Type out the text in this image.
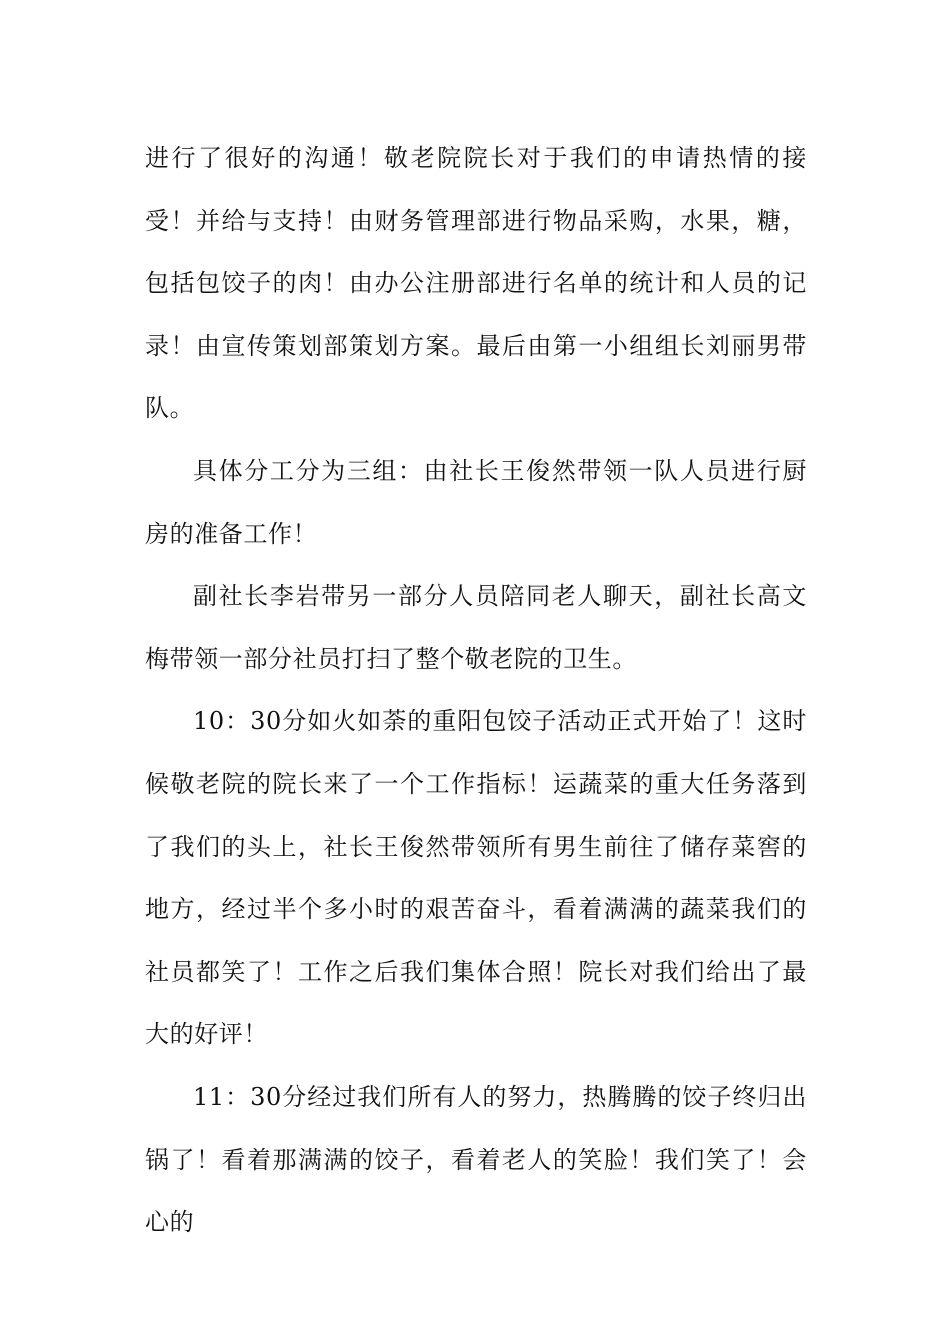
进行了很好的沟通！敬老院院长对于我们的申请热情的接受！并给与支持！由财务管理部进行物品采购，水果，糖，包括包饺子的肉！由办公注册部进行名单的统计和人员的记录！由宣传策划部策划方案。最后由第一小组组长刘丽男带队。

具体分工分为三组：由社长王俊然带领一队人员进行厨房的准备工作！

副社长李岩带另一部分人员陪同老人聊天，副社长高文梅带领一部分社员打扫了整个敬老院的卫生。

10：30分如火如荼的重阳包饺子活动正式开始了！这时候敬老院的院长来了一个工作指标！运蔬菜的重大任务落到了我们的头上，社长王俊然带领所有男生前往了储存菜窖的地方，经过半个多小时的艰苦奋斗，看着满满的蔬菜我们的社员都笑了！工作之后我们集体合照！院长对我们给出了最大的好评！

11：30分经过我们所有人的努力，热腾腾的饺子终归出锅了！看着那满满的饺子，看着老人的笑脸！我们笑了！会心的
